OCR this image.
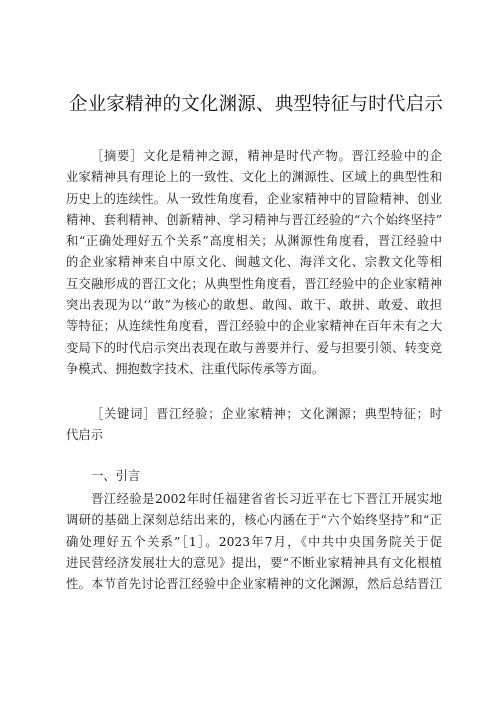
企业家精神的文化渊源、典型特征与时代启示
［摘要］文化是精神之源，精神是时代产物。晋江经验中的企
业家精神具有理论上的一致性、文化上的渊源性、区域上的典型性和
历史上的连续性。从一致性角度看，企业家精神中的冒险精神、创业
精神、套利精神、创新精神、学习精神与晋江经验的“六个始终坚持”
和“正确处理好五个关系”高度相关；从渊源性角度看，晋江经验中
的企业家精神来自中原文化、闽越文化、海洋文化、宗教文化等相
互交融形成的晋江文化；从典型性角度看，晋江经验中的企业家精神
突出表现为以‘’敢”为核心的敢想、敢闯、敢干、敢拼、敢爱、敢担
等特征；从连续性角度看，晋江经验中的企业家精神在百年未有之大
变局下的时代启示突出表现在敢与善要并行、爱与担要引领、转变竞
争模式、拥抱数字技术、注重代际传承等方面。
［关键词］晋江经验；企业家精神；文化渊源；典型特征；时
代启示
一、引言
晋江经验是2002年时任福建省省长习近平在七下晋江开展实地
调研的基础上深刻总结出来的，核心内涵在于“六个始终坚持”和“正
确处理好五个关系”［1］。2023年7月，《中共中央国务院关于促
进民营经济发展壮大的意见》提出，要“不断业家精神具有文化根植
性。本节首先讨论晋江经验中企业家精神的文化渊源，然后总结晋江
